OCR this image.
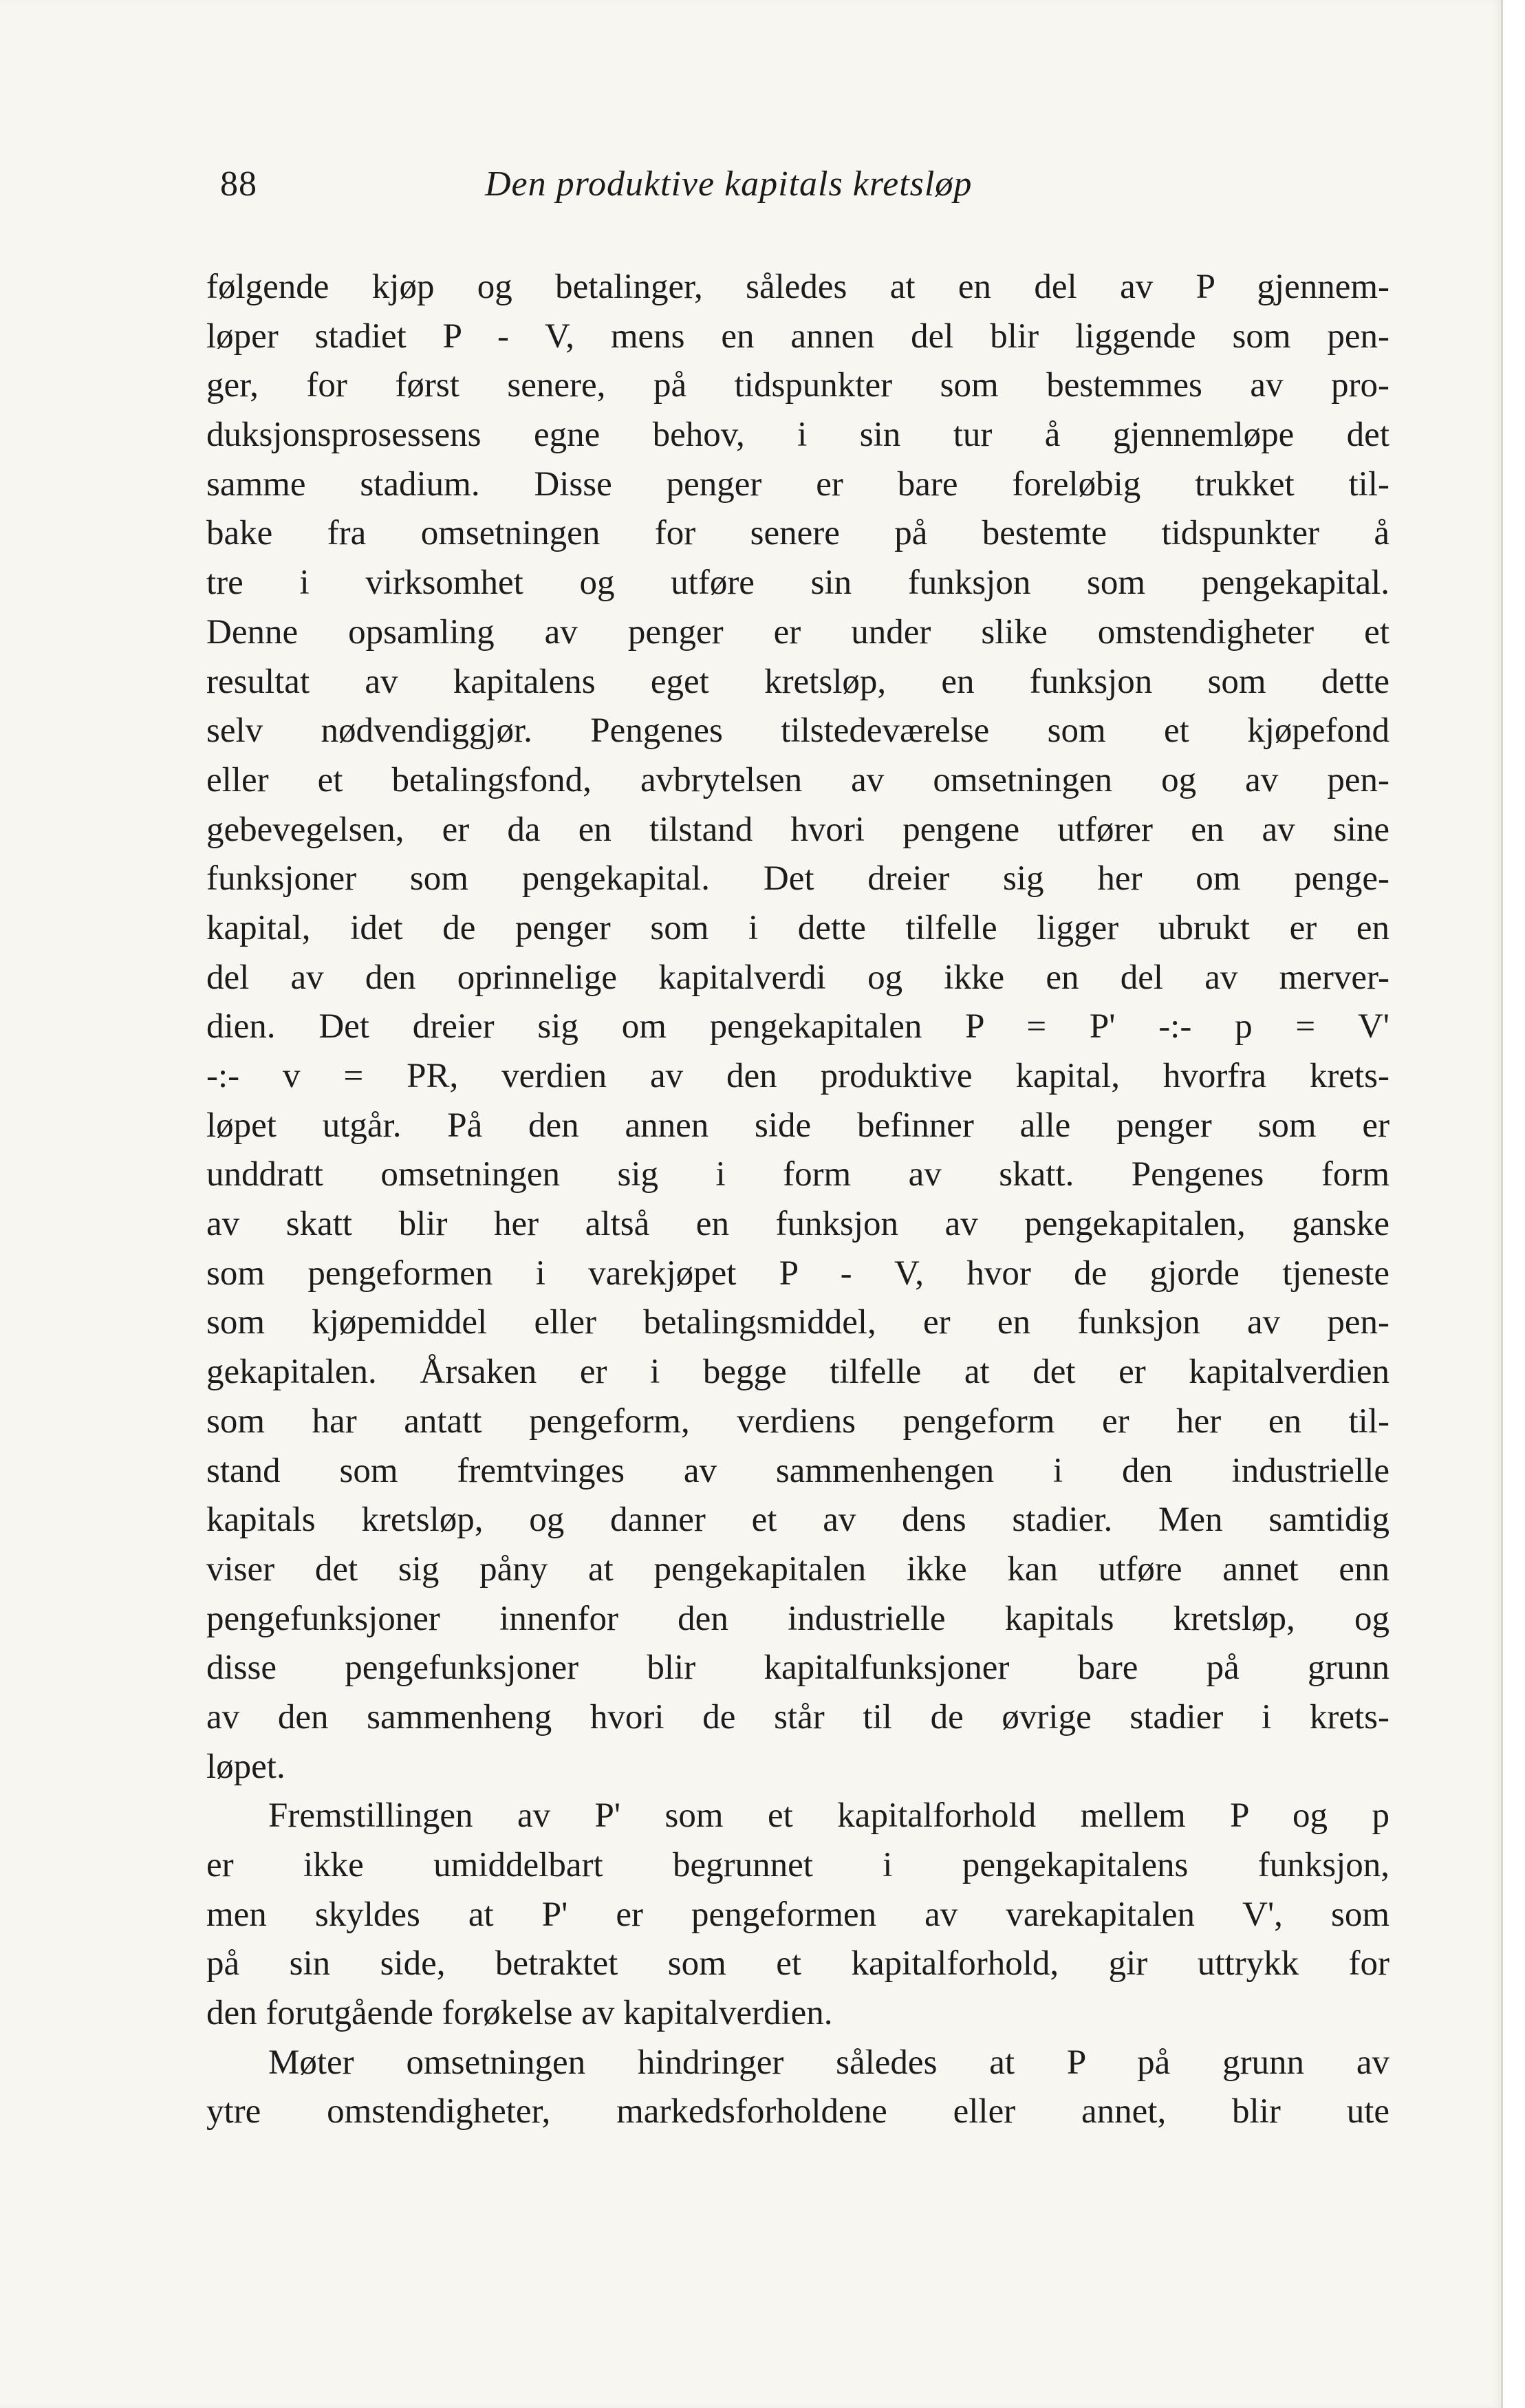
88	Den produktive kapitals kretsløp
følgende kjøp og betalinger, således at en del av P gjennem-
løper stadiet P - V, mens en annen del blir liggende som pen-
ger, for først senere, på tidspunkter som bestemmes av pro-
duksjonsprosessens egne behov, i sin tur å gjennemløpe det
samme stadium. Disse penger er bare foreløbig trukket til-
bake fra omsetningen for senere på bestemte tidspunkter å
tre i virksomhet og utføre sin funksjon som pengekapital.
Denne opsamling av penger er under slike omstendigheter et
resultat av kapitalens eget kretsløp, en funksjon som dette
selv nødvendiggjør. Pengenes tilstedeværelse som et kjøpefond
eller et betalingsfond, avbrytelsen av omsetningen og av pen-
gebevegelsen, er da en tilstand hvori pengene utfører en av sine
funksjoner som pengekapital. Det dreier sig her om penge-
kapital, idet de penger som i dette tilfelle ligger ubrukt er en
del av den oprinnelige kapitalverdi og ikke en del av merver-
dien. Det dreier sig om pengekapitalen P = P' -:- p = V'
-:- v = PR, verdien av den produktive kapital, hvorfra krets-
løpet utgår. På den annen side befinner alle penger som er
unddratt omsetningen sig i form av skatt. Pengenes form
av skatt blir her altså en funksjon av pengekapitalen, ganske
som pengeformen i varekjøpet P - V, hvor de gjorde tjeneste
som kjøpemiddel eller betalingsmiddel, er en funksjon av pen-
gekapitalen. Årsaken er i begge tilfelle at det er kapitalverdien
som har antatt pengeform, verdiens pengeform er her en til-
stand som fremtvinges av sammenhengen i den industrielle
kapitals kretsløp, og danner et av dens stadier. Men samtidig
viser det sig påny at pengekapitalen ikke kan utføre annet enn
pengefunksjoner innenfor den industrielle kapitals kretsløp, og
disse pengefunksjoner blir kapitalfunksjoner bare på grunn
av den sammenheng hvori de står til de øvrige stadier i krets-
løpet.
Fremstillingen av P' som et kapitalforhold mellem P og p
er ikke umiddelbart begrunnet i pengekapitalens funksjon,
men skyldes at P' er pengeformen av varekapitalen V', som
på sin side, betraktet som et kapitalforhold, gir uttrykk for
den forutgående forøkelse av kapitalverdien.
Møter omsetningen hindringer således at P på grunn av
ytre omstendigheter, markedsforholdene eller annet, blir ute
